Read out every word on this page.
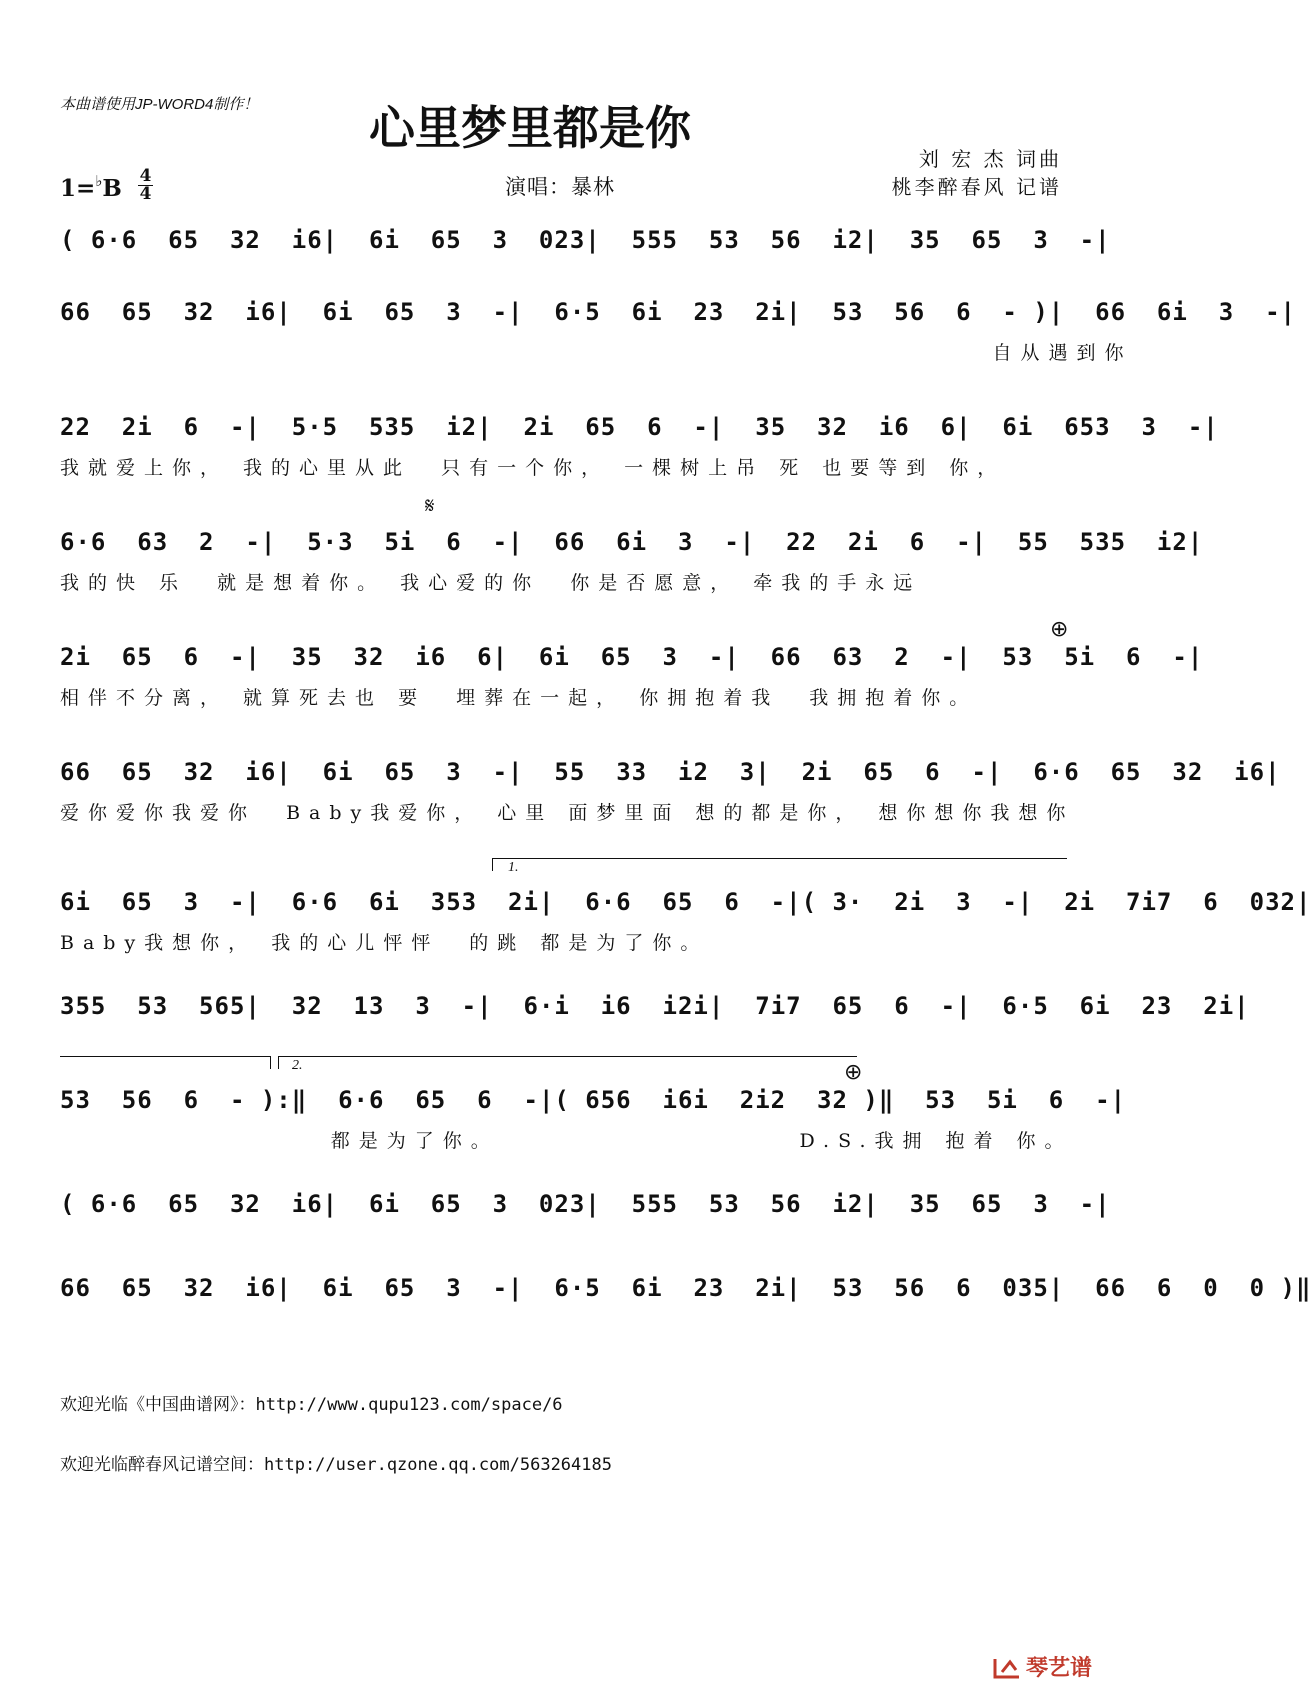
本曲谱使用JP-WORD4制作！	心里梦里都是你
刘 宏 杰 词曲
桃李醉春风 记谱
演唱：暴林
1=♭B 4
4
( 6·6  65  32  i6 |  6i  65  3  023 |  555  53  56  i2 |  35  65  3  - |
66  65  32  i6 |  6i  65  3  - |  6·5  6i  23  2i |  53  56  6  - ) |  66  6i  3  - |
自从遇到你
22  2i  6  - |  5·5  535  i2 |  2i  65  6  - |  35  32  i6  6 |  6i  653  3  - |
我就爱上你， 我的心里从此  只有一个你， 一棵树上吊 死 也要等到 你，
𝄋
6·6  63  2  - |  5·3  5i  6  - |  66  6i  3  - |  22  2i  6  - |  55  535  i2 |
我的快 乐  就是想着你。 我心爱的你  你是否愿意， 牵我的手永远
⊕
2i  65  6  - |  35  32  i6  6 |  6i  65  3  - |  66  63  2  - |  53  5i  6  - |
相伴不分离， 就算死去也 要  埋葬在一起， 你拥抱着我  我拥抱着你。
66  65  32  i6 |  6i  65  3  - |  55  33  i2  3 |  2i  65  6  - |  6·6  65  32  i6 |
爱你爱你我爱你  Baby我爱你， 心里 面梦里面 想的都是你， 想你想你我想你
1.
6i  65  3  - |  6·6  6i  353  2i |  6·6  65  6  - |( 3·  2i  3  - |  2i  7i7  6  032 |
Baby我想你， 我的心儿怦怦  的跳 都是为了你。
355  53  565 |  32  13  3  - |  6·i  i6  i2i |  7i7  65  6  - |  6·5  6i  23  2i |
2.	⊕
53  56  6  - ): ‖  6·6  65  6  - |( 656  i6i  2i2  32 ) ‖  53  5i  6  - |
都是为了你。                    D.S.我拥 抱着 你。
( 6·6  65  32  i6 |  6i  65  3  023 |  555  53  56  i2 |  35  65  3  - |
66  65  32  i6 |  6i  65  3  - |  6·5  6i  23  2i |  53  56  6  035 |  66  6  0  0 ) ‖
欢迎光临《中国曲谱网》：http://www.qupu123.com/space/6
欢迎光临醉春风记谱空间：http://user.qzone.qq.com/563264185
琴艺谱
